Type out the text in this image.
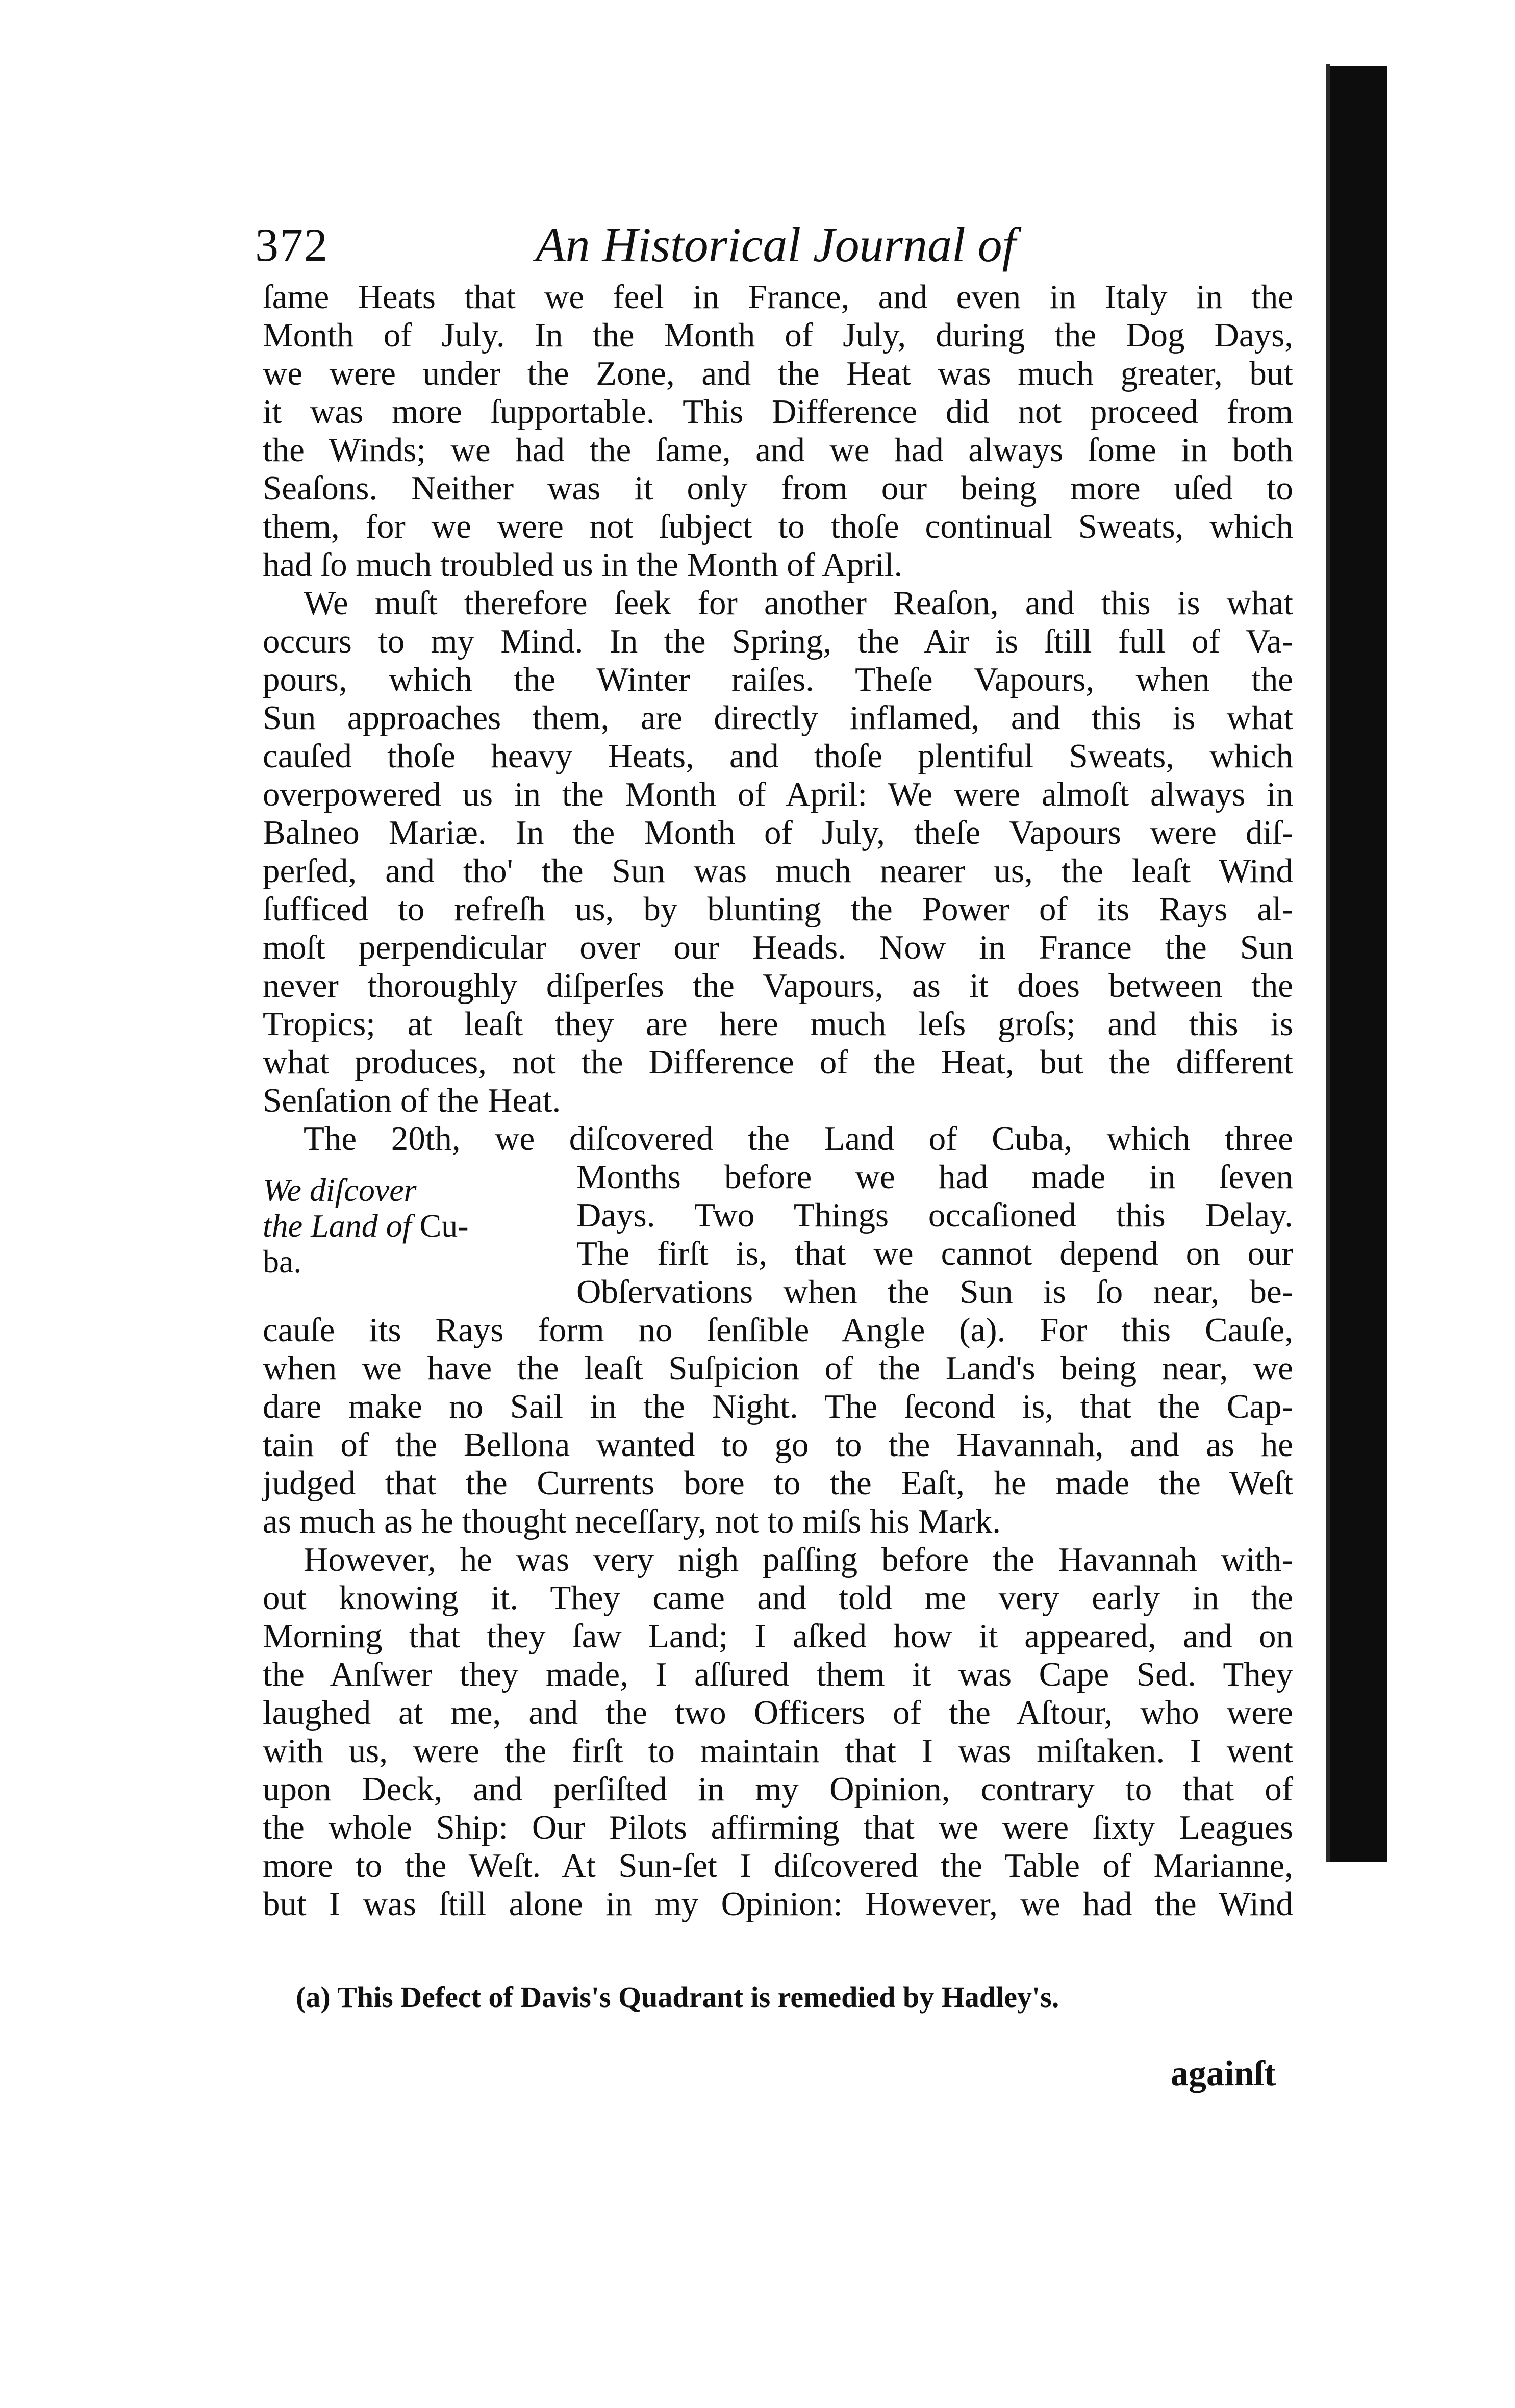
372	An Historical Journal of
ſame Heats that we feel in France, and even in Italy in the
Month of July. In the Month of July, during the Dog Days,
we were under the Zone, and the Heat was much greater, but
it was more ſupportable. This Difference did not proceed from
the Winds; we had the ſame, and we had always ſome in both
Seaſons. Neither was it only from our being more uſed to
them, for we were not ſubject to thoſe continual Sweats, which
had ſo much troubled us in the Month of April.
We muſt therefore ſeek for another Reaſon, and this is what
occurs to my Mind. In the Spring, the Air is ſtill full of Va-
pours, which the Winter raiſes. Theſe Vapours, when the
Sun approaches them, are directly inflamed, and this is what
cauſed thoſe heavy Heats, and thoſe plentiful Sweats, which
overpowered us in the Month of April: We were almoſt always in
Balneo Mariæ. In the Month of July, theſe Vapours were diſ-
perſed, and tho' the Sun was much nearer us, the leaſt Wind
ſufficed to refreſh us, by blunting the Power of its Rays al-
moſt perpendicular over our Heads. Now in France the Sun
never thoroughly diſperſes the Vapours, as it does between the
Tropics; at leaſt they are here much leſs groſs; and this is
what produces, not the Difference of the Heat, but the different
Senſation of the Heat.
The 20th, we diſcovered the Land of Cuba, which three
We diſcover
the Land of Cu-
ba.
Months before we had made in ſeven
Days. Two Things occaſioned this Delay.
The firſt is, that we cannot depend on our
Obſervations when the Sun is ſo near, be-
cauſe its Rays form no ſenſible Angle (a). For this Cauſe,
when we have the leaſt Suſpicion of the Land's being near, we
dare make no Sail in the Night. The ſecond is, that the Cap-
tain of the Bellona wanted to go to the Havannah, and as he
judged that the Currents bore to the Eaſt, he made the Weſt
as much as he thought neceſſary, not to miſs his Mark.
However, he was very nigh paſſing before the Havannah with-
out knowing it. They came and told me very early in the
Morning that they ſaw Land; I aſked how it appeared, and on
the Anſwer they made, I aſſured them it was Cape Sed. They
laughed at me, and the two Officers of the Aſtour, who were
with us, were the firſt to maintain that I was miſtaken. I went
upon Deck, and perſiſted in my Opinion, contrary to that of
the whole Ship: Our Pilots affirming that we were ſixty Leagues
more to the Weſt. At Sun-ſet I diſcovered the Table of Marianne,
but I was ſtill alone in my Opinion: However, we had the Wind
(a) This Defect of Davis's Quadrant is remedied by Hadley's.
againſt
